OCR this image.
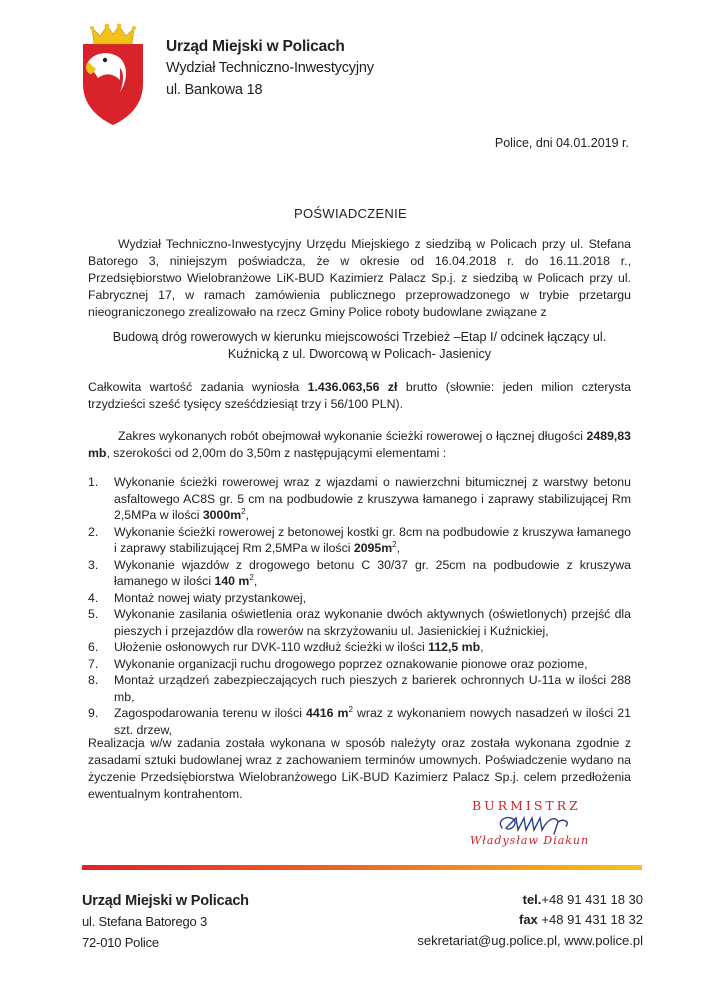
Urząd Miejski w Policach
Wydział Techniczno-Inwestycyjny
ul. Bankowa 18
Police, dni 04.01.2019 r.
POŚWIADCZENIE
Wydział Techniczno-Inwestycyjny Urzędu Miejskiego z siedzibą w Policach przy ul. Stefana Batorego 3, niniejszym poświadcza, że w okresie od 16.04.2018 r. do 16.11.2018 r., Przedsiębiorstwo Wielobranżowe LiK-BUD Kazimierz Palacz Sp.j. z siedzibą w Policach przy ul. Fabrycznej 17, w ramach zamówienia publicznego przeprowadzonego w trybie przetargu nieograniczonego zrealizowało na rzecz Gminy Police roboty budowlane związane z
Budową dróg rowerowych w kierunku miejscowości Trzebież –Etap I/ odcinek łączący ul. Kuźnicką z ul. Dworcową w Policach- Jasienicy
Całkowita wartość zadania wyniosła 1.436.063,56 zł brutto (słownie: jeden milion czterysta trzydzieści sześć tysięcy sześćdziesiąt trzy i 56/100 PLN).
Zakres wykonanych robót obejmował wykonanie ścieżki rowerowej o łącznej długości 2489,83 mb, szerokości od 2,00m do 3,50m z następującymi elementami :
1. Wykonanie ścieżki rowerowej wraz z wjazdami o nawierzchni bitumicznej z warstwy betonu asfaltowego AC8S gr. 5 cm na podbudowie z kruszywa łamanego i zaprawy stabilizującej Rm 2,5MPa w ilości $3000m^2$,
2. Wykonanie ścieżki rowerowej z betonowej kostki gr. 8cm na podbudowie z kruszywa łamanego i zaprawy stabilizującej Rm 2,5MPa w ilości $2095m^2$,
3. Wykonanie wjazdów z drogowego betonu C 30/37 gr. 25cm na podbudowie z kruszywa łamanego w ilości 140 $m^2$,
4. Montaż nowej wiaty przystankowej,
5. Wykonanie zasilania oświetlenia oraz wykonanie dwóch aktywnych (oświetlonych) przejść dla pieszych i przejazdów dla rowerów na skrzyżowaniu ul. Jasienickiej i Kuźnickiej,
6. Ułożenie osłonowych rur DVK-110 wzdłuż ścieżki w ilości 112,5 mb,
7. Wykonanie organizacji ruchu drogowego poprzez oznakowanie pionowe oraz poziome,
8. Montaż urządzeń zabezpieczających ruch pieszych z barierek ochronnych U-11a w ilości 288 mb,
9. Zagospodarowania terenu w ilości 4416 $m^2$ wraz z wykonaniem nowych nasadzeń w ilości 21 szt. drzew,
Realizacja w/w zadania została wykonana w sposób należyty oraz została wykonana zgodnie z zasadami sztuki budowlanej wraz z zachowaniem terminów umownych. Poświadczenie wydano na życzenie Przedsiębiorstwa Wielobranżowego LiK-BUD Kazimierz Palacz Sp.j. celem przedłożenia ewentualnym kontrahentom.
BURMISTRZ
Władysław Diakun
Urząd Miejski w Policach
ul. Stefana Batorego 3
72-010 Police
tel.+48 91 431 18 30
fax +48 91 431 18 32
sekretariat@ug.police.pl, www.police.pl
